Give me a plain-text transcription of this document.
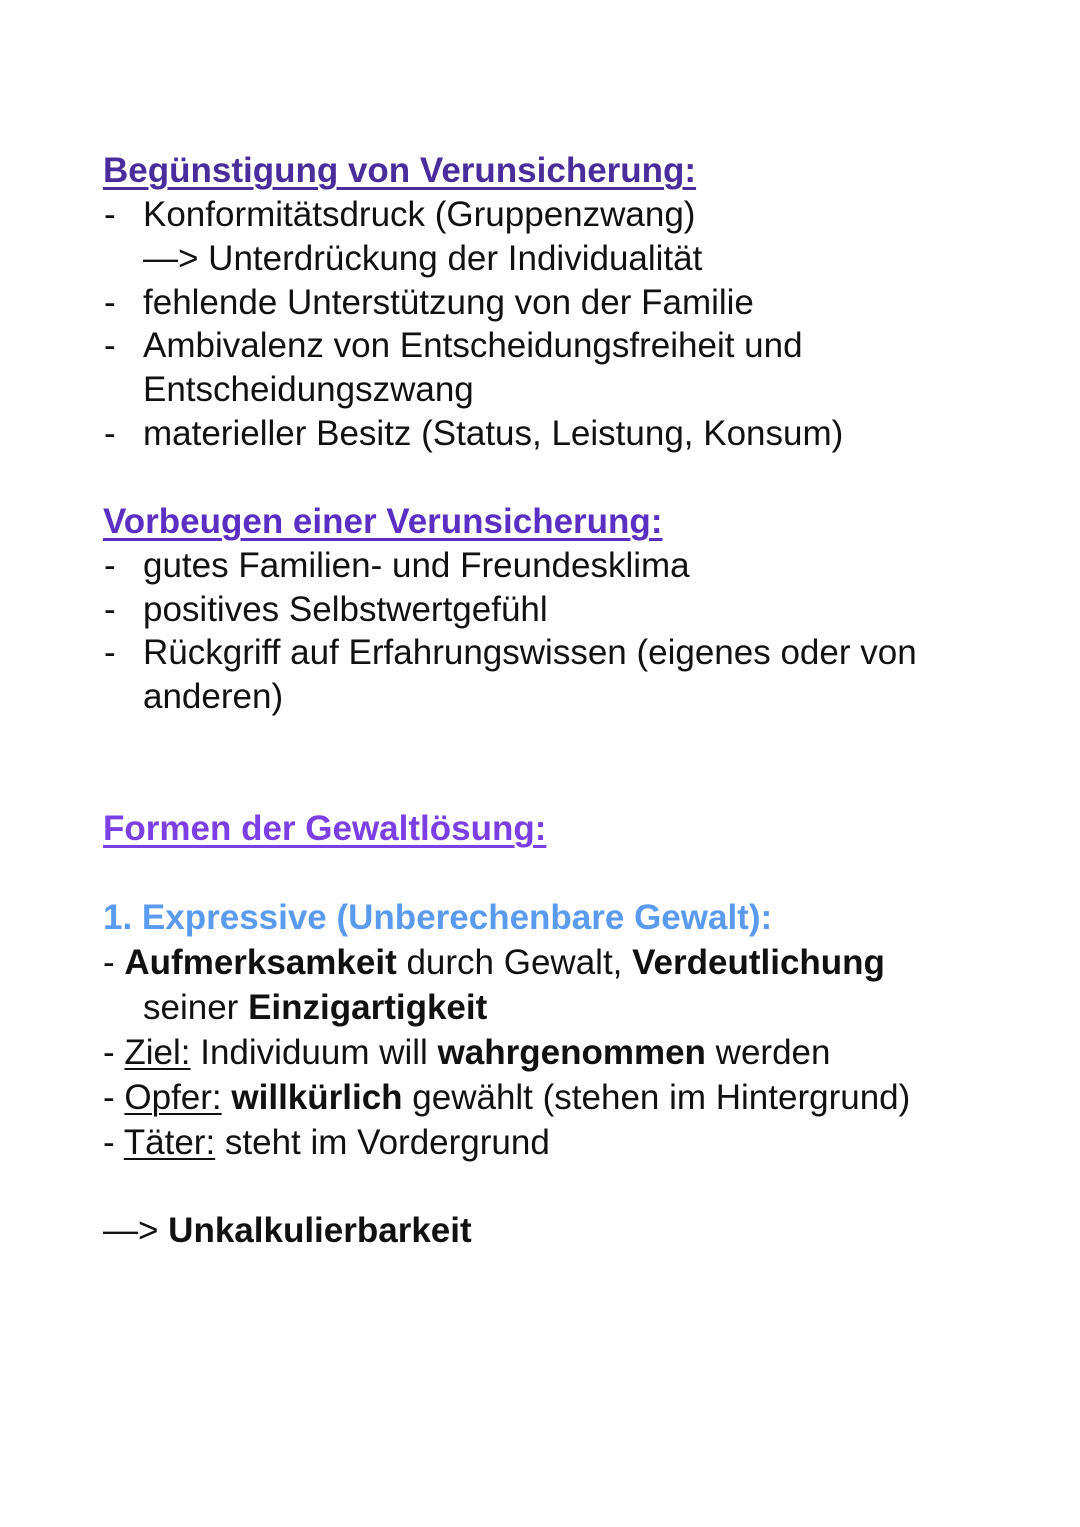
Begünstigung von Verunsicherung:
- Konformitätsdruck (Gruppenzwang)
—> Unterdrückung der Individualität
- fehlende Unterstützung von der Familie
- Ambivalenz von Entscheidungsfreiheit und
Entscheidungszwang
- materieller Besitz (Status, Leistung, Konsum)
Vorbeugen einer Verunsicherung:
- gutes Familien- und Freundesklima
- positives Selbstwertgefühl
- Rückgriff auf Erfahrungswissen (eigenes oder von
anderen)
Formen der Gewaltlösung:
1. Expressive (Unberechenbare Gewalt):
- Aufmerksamkeit durch Gewalt, Verdeutlichung
seiner Einzigartigkeit
- Ziel: Individuum will wahrgenommen werden
- Opfer: willkürlich gewählt (stehen im Hintergrund)
- Täter: steht im Vordergrund
—> Unkalkulierbarkeit
